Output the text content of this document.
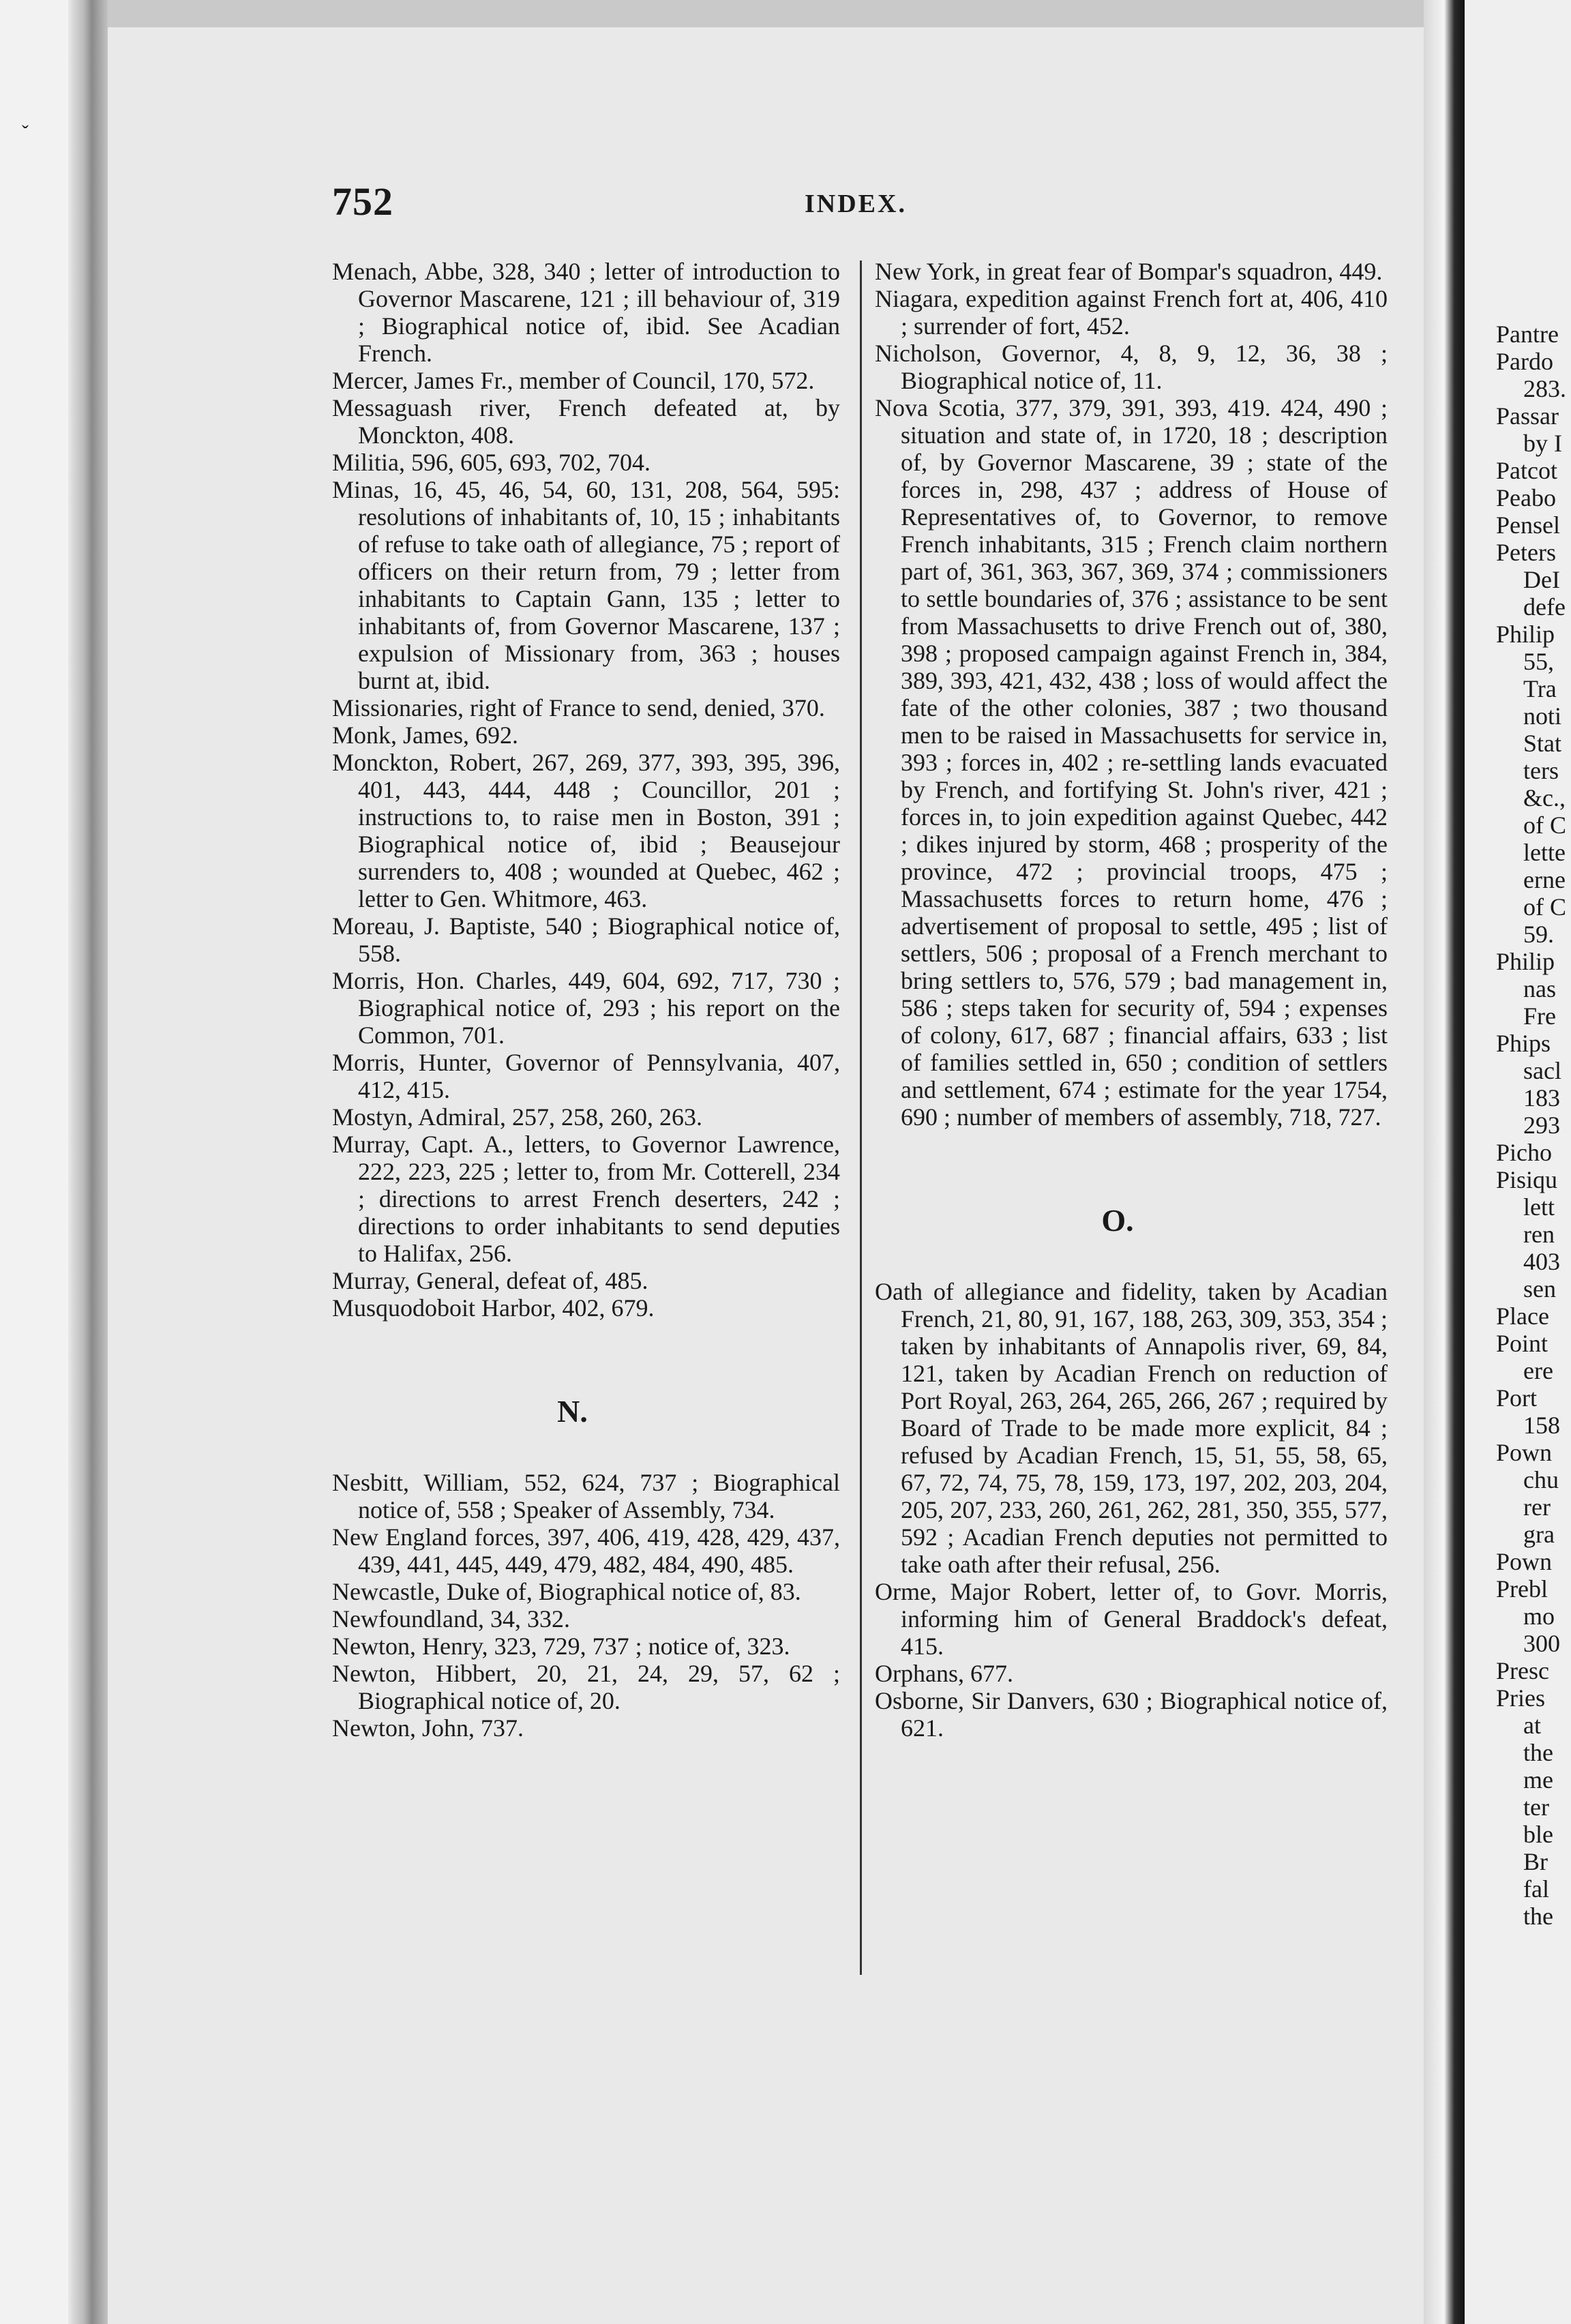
ˇ
752	INDEX.

Menach, Abbe, 328, 340 ; letter of introduction to Governor Mascarene, 121 ; ill behaviour of, 319 ; Biographical notice of, ibid. See Acadian French.

Mercer, James Fr., member of Council, 170, 572.

Messaguash river, French defeated at, by Monckton, 408.

Militia, 596, 605, 693, 702, 704.

Minas, 16, 45, 46, 54, 60, 131, 208, 564, 595: resolutions of inhabitants of, 10, 15 ; inhabitants of refuse to take oath of allegiance, 75 ; report of officers on their return from, 79 ; letter from inhabitants to Captain Gann, 135 ; letter to inhabitants of, from Governor Mascarene, 137 ; expulsion of Missionary from, 363 ; houses burnt at, ibid.

Missionaries, right of France to send, denied, 370.

Monk, James, 692.

Monckton, Robert, 267, 269, 377, 393, 395, 396, 401, 443, 444, 448 ; Councillor, 201 ; instructions to, to raise men in Boston, 391 ; Biographical notice of, ibid ; Beausejour surrenders to, 408 ; wounded at Quebec, 462 ; letter to Gen. Whitmore, 463.

Moreau, J. Baptiste, 540 ; Biographical notice of, 558.

Morris, Hon. Charles, 449, 604, 692, 717, 730 ; Biographical notice of, 293 ; his report on the Common, 701.

Morris, Hunter, Governor of Pennsylvania, 407, 412, 415.

Mostyn, Admiral, 257, 258, 260, 263.

Murray, Capt. A., letters, to Governor Lawrence, 222, 223, 225 ; letter to, from Mr. Cotterell, 234 ; directions to arrest French deserters, 242 ; directions to order inhabitants to send deputies to Halifax, 256.

Murray, General, defeat of, 485.

Musquodoboit Harbor, 402, 679.

N.

Nesbitt, William, 552, 624, 737 ; Biographical notice of, 558 ; Speaker of Assembly, 734.

New England forces, 397, 406, 419, 428, 429, 437, 439, 441, 445, 449, 479, 482, 484, 490, 485.

Newcastle, Duke of, Biographical notice of, 83.

Newfoundland, 34, 332.

Newton, Henry, 323, 729, 737 ; notice of, 323.

Newton, Hibbert, 20, 21, 24, 29, 57, 62 ; Biographical notice of, 20.

Newton, John, 737.

New York, in great fear of Bompar's squadron, 449.

Niagara, expedition against French fort at, 406, 410 ; surrender of fort, 452.

Nicholson, Governor, 4, 8, 9, 12, 36, 38 ; Biographical notice of, 11.

Nova Scotia, 377, 379, 391, 393, 419. 424, 490 ; situation and state of, in 1720, 18 ; description of, by Governor Mascarene, 39 ; state of the forces in, 298, 437 ; address of House of Representatives of, to Governor, to remove French inhabitants, 315 ; French claim northern part of, 361, 363, 367, 369, 374 ; commissioners to settle boundaries of, 376 ; assistance to be sent from Massachusetts to drive French out of, 380, 398 ; proposed campaign against French in, 384, 389, 393, 421, 432, 438 ; loss of would affect the fate of the other colonies, 387 ; two thousand men to be raised in Massachusetts for service in, 393 ; forces in, 402 ; re-settling lands evacuated by French, and fortifying St. John's river, 421 ; forces in, to join expedition against Quebec, 442 ; dikes injured by storm, 468 ; prosperity of the province, 472 ; provincial troops, 475 ; Massachusetts forces to return home, 476 ; advertisement of proposal to settle, 495 ; list of settlers, 506 ; proposal of a French merchant to bring settlers to, 576, 579 ; bad management in, 586 ; steps taken for security of, 594 ; expenses of colony, 617, 687 ; financial affairs, 633 ; list of families settled in, 650 ; condition of settlers and settlement, 674 ; estimate for the year 1754, 690 ; number of members of assembly, 718, 727.

O.

Oath of allegiance and fidelity, taken by Acadian French, 21, 80, 91, 167, 188, 263, 309, 353, 354 ; taken by inhabitants of Annapolis river, 69, 84, 121, taken by Acadian French on reduction of Port Royal, 263, 264, 265, 266, 267 ; required by Board of Trade to be made more explicit, 84 ; refused by Acadian French, 15, 51, 55, 58, 65, 67, 72, 74, 75, 78, 159, 173, 197, 202, 203, 204, 205, 207, 233, 260, 261, 262, 281, 350, 355, 577, 592 ; Acadian French deputies not permitted to take oath after their refusal, 256.

Orme, Major Robert, letter of, to Govr. Morris, informing him of General Braddock's defeat, 415.

Orphans, 677.

Osborne, Sir Danvers, 630 ; Biographical notice of, 621.

Pantre
Pardo
283.
Passar
by I
Patcot
Peabo
Pensel
Peters
DeI
defe
Philip
55,
Tra
noti
Stat
ters
&c.,
of C
lette
erne
of C
59.
Philip
nas
Fre
Phips
sacl
183
293
Picho
Pisiqu
lett
ren
403
sen
Place
Point
ere
Port
158
Pown
chu
rer
gra
Pown
Prebl
mo
300
Presc
Pries
at
the
me
ter
ble
Br
fal
the
